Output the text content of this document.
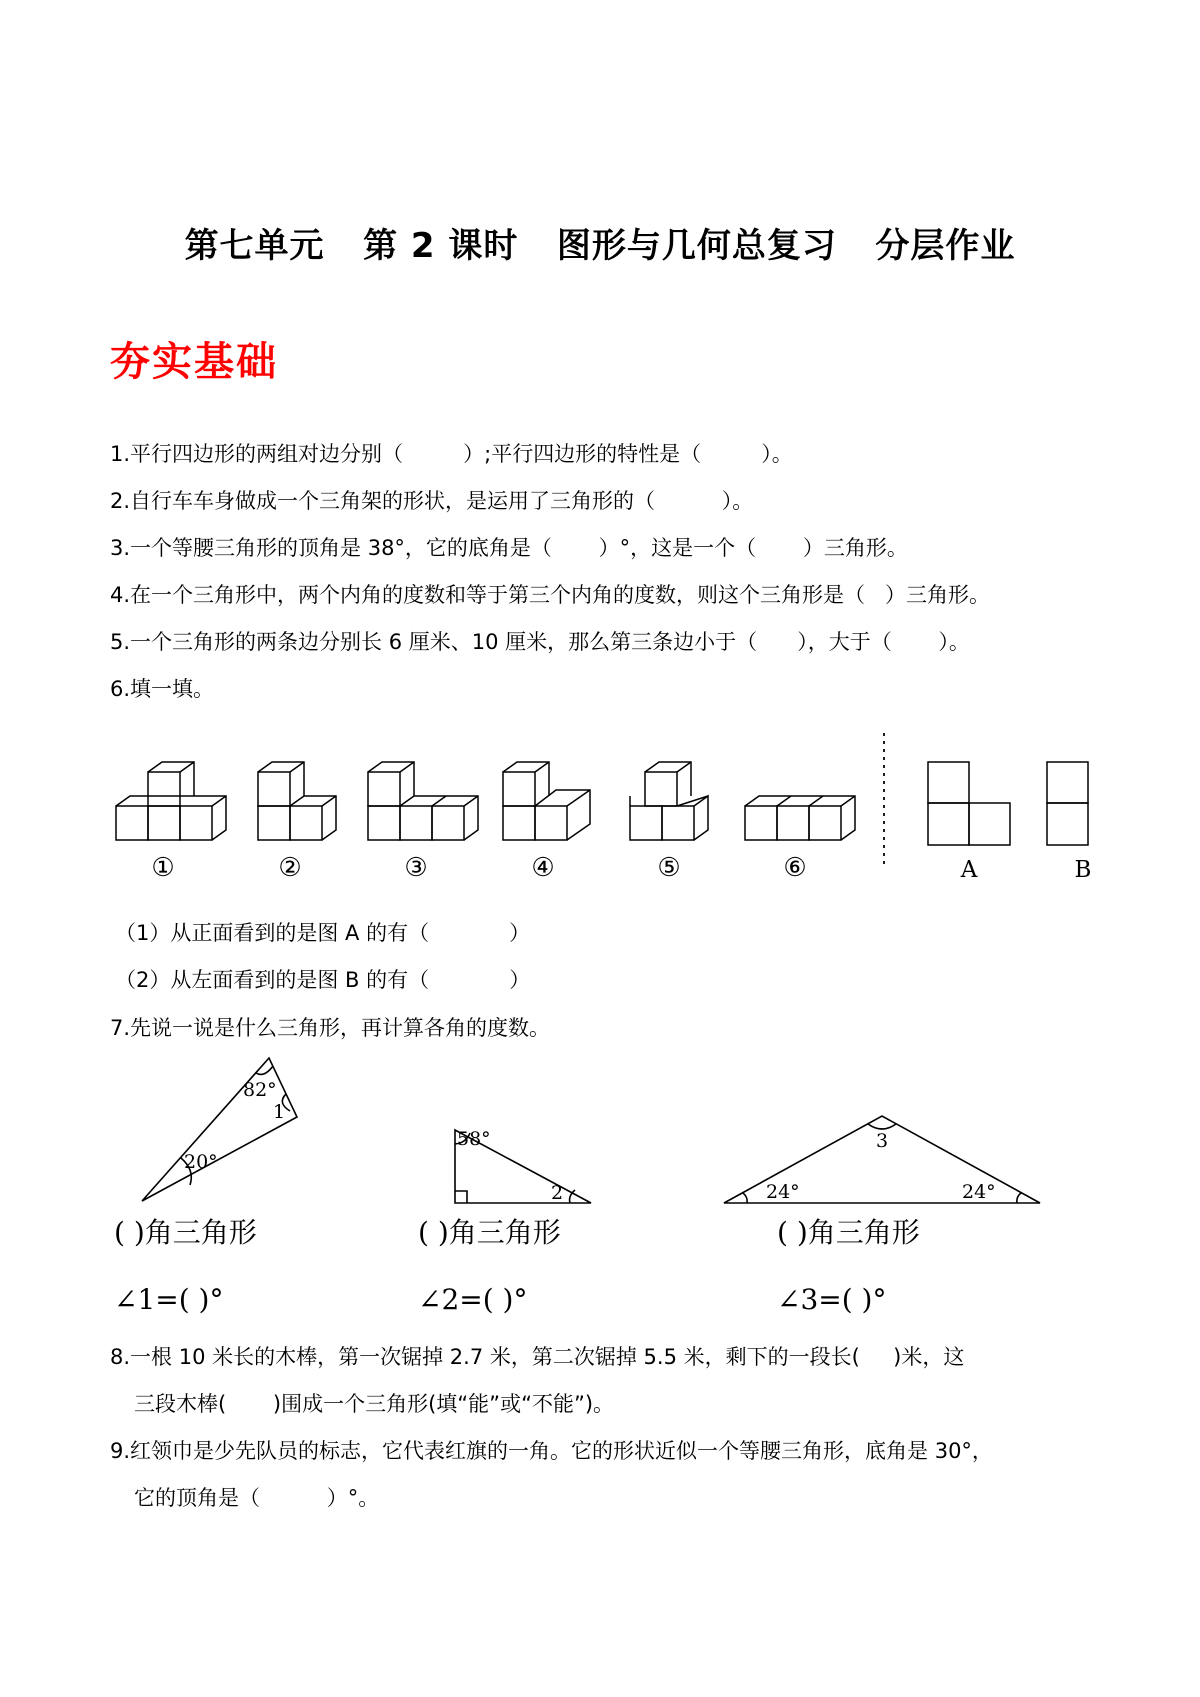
第七单元   第 2 课时   图形与几何总复习   分层作业
夯实基础
1.平行四边形的两组对边分别（         ）;平行四边形的特性是（         ）。
2.自行车车身做成一个三角架的形状，是运用了三角形的（          ）。
3.一个等腰三角形的顶角是 38°，它的底角是（       ）°，这是一个（       ）三角形。
4.在一个三角形中，两个内角的度数和等于第三个内角的度数，则这个三角形是（   ）三角形。
5.一个三角形的两条边分别长 6 厘米、10 厘米，那么第三条边小于（      ），大于（       ）。
6.填一填。
①	②	③	④	⑤	⑥	A	B
（1）从正面看到的是图 A 的有（            ）
（2）从左面看到的是图 B 的有（            ）
7.先说一说是什么三角形，再计算各角的度数。
82°
1
20°
58°
2
3
24°	24°
( )角三角形	( )角三角形	( )角三角形
∠1=( )°	∠2=( )°	∠3=( )°
8.一根 10 米长的木棒，第一次锯掉 2.7 米，第二次锯掉 5.5 米，剩下的一段长(     )米，这
三段木棒(       )围成一个三角形(填“能”或“不能”)。
9.红领巾是少先队员的标志，它代表红旗的一角。它的形状近似一个等腰三角形，底角是 30°，
它的顶角是（          ）°。
